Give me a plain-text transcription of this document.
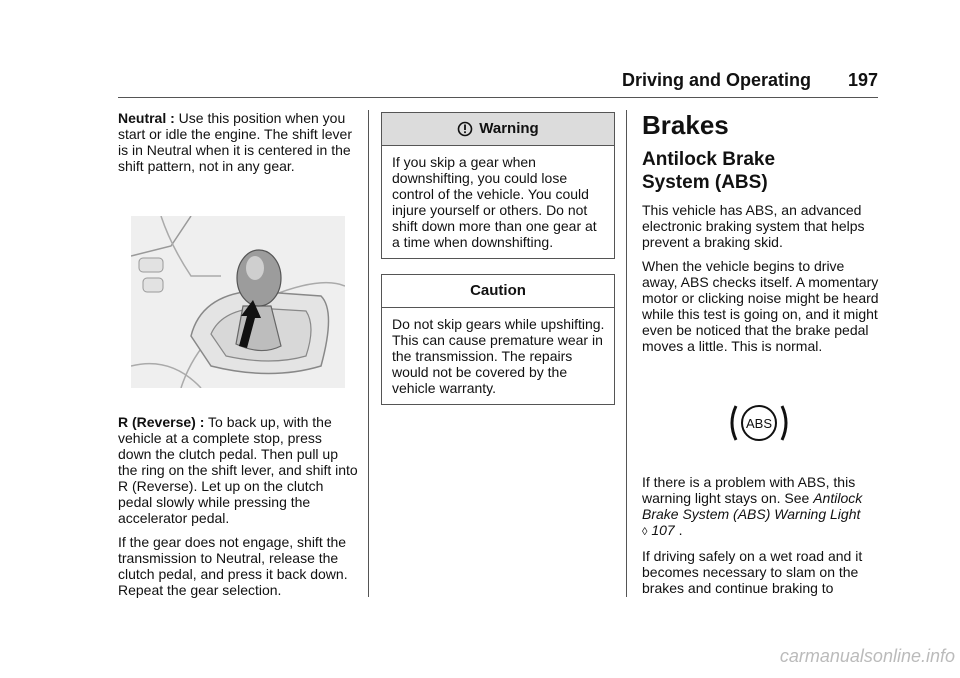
Driving and Operating 197

Neutral : Use this position when you start or idle the engine. The shift lever is in Neutral when it is centered in the shift pattern, not in any gear.

R (Reverse) : To back up, with the vehicle at a complete stop, press down the clutch pedal. Then pull up the ring on the shift lever, and shift into R (Reverse). Let up on the clutch pedal slowly while pressing the accelerator pedal.

If the gear does not engage, shift the transmission to Neutral, release the clutch pedal, and press it back down. Repeat the gear selection.

Warning
If you skip a gear when downshifting, you could lose control of the vehicle. You could injure yourself or others. Do not shift down more than one gear at a time when downshifting.
Caution
Do not skip gears while upshifting. This can cause premature wear in the transmission. The repairs would not be covered by the vehicle warranty.
Brakes
Antilock Brake System (ABS)

This vehicle has ABS, an advanced electronic braking system that helps prevent a braking skid.

When the vehicle begins to drive away, ABS checks itself. A momentary motor or clicking noise might be heard while this test is going on, and it might even be noticed that the brake pedal moves a little. This is normal.

ABS

If there is a problem with ABS, this warning light stays on. See Antilock Brake System (ABS) Warning Light
◊ 107 .

If driving safely on a wet road and it becomes necessary to slam on the brakes and continue braking to

carmanualsonline.info
